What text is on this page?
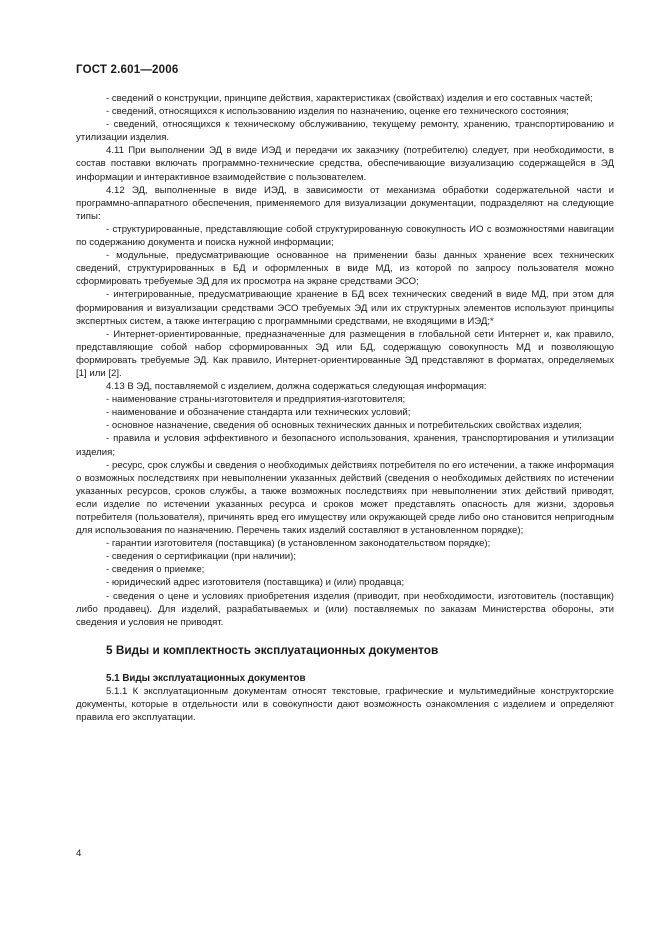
ГОСТ 2.601—2006

- сведений о конструкции, принципе действия, характеристиках (свойствах) изделия и его составных частей;

- сведений, относящихся к использованию изделия по назначению, оценке его технического состояния;

- сведений, относящихся к техническому обслуживанию, текущему ремонту, хранению, транспортированию и утилизации изделия.

4.11 При выполнении ЭД в виде ИЭД и передачи их заказчику (потребителю) следует, при необходимости, в состав поставки включать программно-технические средства, обеспечивающие визуализацию содержащейся в ЭД информации и интерактивное взаимодействие с пользователем.

4.12 ЭД, выполненные в виде ИЭД, в зависимости от механизма обработки содержательной части и программно-аппаратного обеспечения, применяемого для визуализации документации, подразделяют на следующие типы:

- структурированные, представляющие собой структурированную совокупность ИО с возможностями навигации по содержанию документа и поиска нужной информации;

- модульные, предусматривающие основанное на применении базы данных хранение всех технических сведений, структурированных в БД и оформленных в виде МД, из которой по запросу пользователя можно сформировать требуемые ЭД для их просмотра на экране средствами ЭСО;

- интегрированные, предусматривающие хранение в БД всех технических сведений в виде МД, при этом для формирования и визуализации средствами ЭСО требуемых ЭД или их структурных элементов используют принципы экспертных систем, а также интеграцию с программными средствами, не входящими в ИЭД;*

- Интернет-ориентированные, предназначенные для размещения в глобальной сети Интернет и, как правило, представляющие собой набор сформированных ЭД или БД, содержащую совокупность МД и позволяющую формировать требуемые ЭД. Как правило, Интернет-ориентированные ЭД представляют в форматах, определяемых [1] или [2].

4.13 В ЭД, поставляемой с изделием, должна содержаться следующая информация:

- наименование страны-изготовителя и предприятия-изготовителя;

- наименование и обозначение стандарта или технических условий;

- основное назначение, сведения об основных технических данных и потребительских свойствах изделия;

- правила и условия эффективного и безопасного использования, хранения, транспортирования и утилизации изделия;

- ресурс, срок службы и сведения о необходимых действиях потребителя по его истечении, а также информация о возможных последствиях при невыполнении указанных действий (сведения о необходимых действиях по истечении указанных ресурсов, сроков службы, а также возможных последствиях при невыполнении этих действий приводят, если изделие по истечении указанных ресурса и сроков может представлять опасность для жизни, здоровья потребителя (пользователя), причинять вред его имуществу или окружающей среде либо оно становится непригодным для использования по назначению. Перечень таких изделий составляют в установленном порядке);

- гарантии изготовителя (поставщика) (в установленном законодательством порядке);

- сведения о сертификации (при наличии);

- сведения о приемке;

- юридический адрес изготовителя (поставщика) и (или) продавца;

- сведения о цене и условиях приобретения изделия (приводит, при необходимости, изготовитель (поставщик) либо продавец). Для изделий, разрабатываемых и (или) поставляемых по заказам Министерства обороны, эти сведения и условия не приводят.

5 Виды и комплектность эксплуатационных документов
5.1 Виды эксплуатационных документов

5.1.1 К эксплуатационным документам относят текстовые, графические и мультимедийные конструкторские документы, которые в отдельности или в совокупности дают возможность ознакомления с изделием и определяют правила его эксплуатации.

4
